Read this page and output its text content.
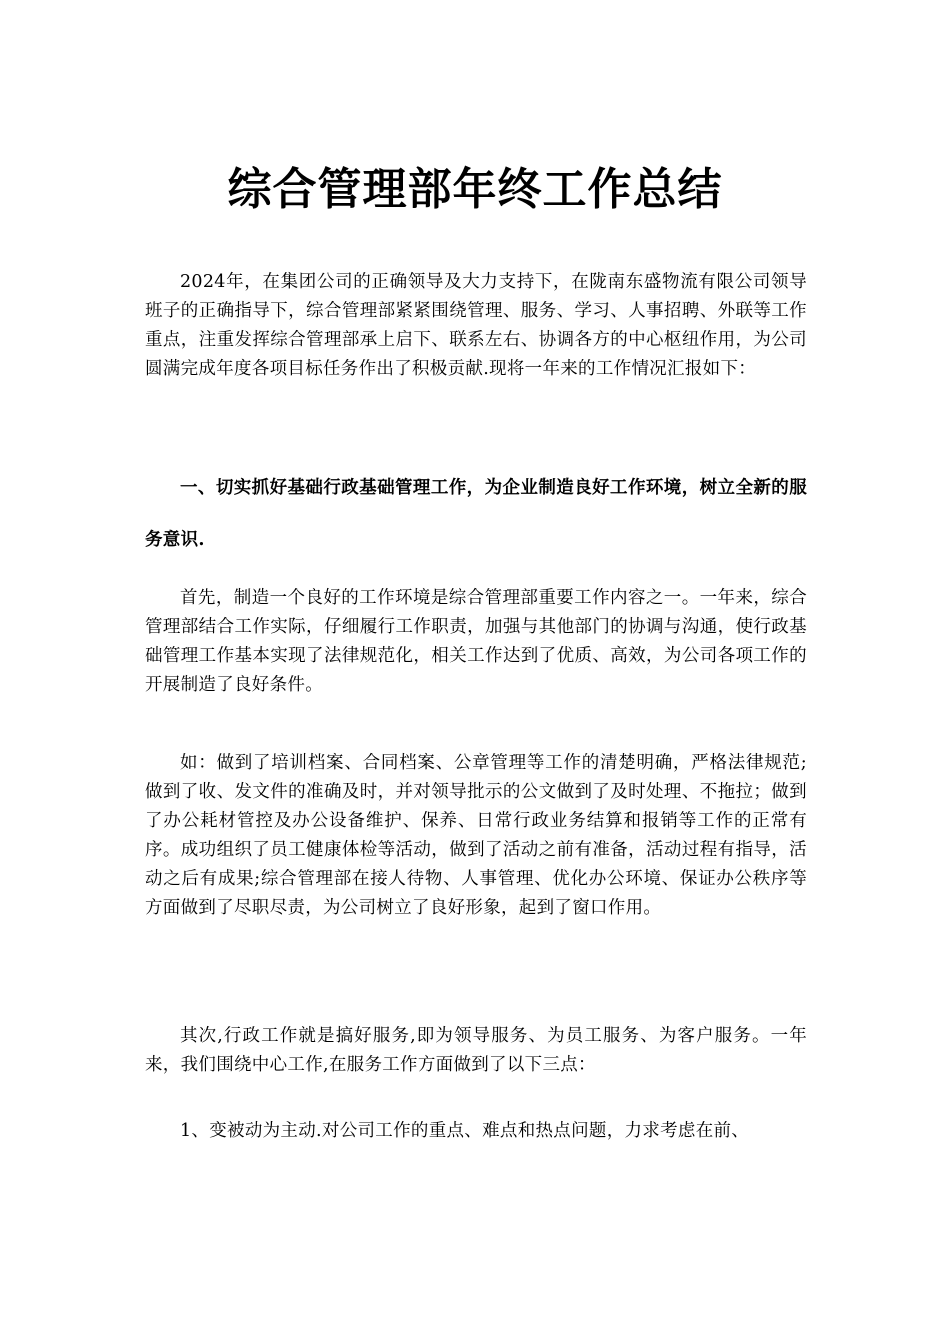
综合管理部年终工作总结

2024年，在集团公司的正确领导及大力支持下，在陇南东盛物流有限公司领导班子的正确指导下，综合管理部紧紧围绕管理、服务、学习、人事招聘、外联等工作重点，注重发挥综合管理部承上启下、联系左右、协调各方的中心枢纽作用，为公司圆满完成年度各项目标任务作出了积极贡献.现将一年来的工作情况汇报如下：

一、切实抓好基础行政基础管理工作，为企业制造良好工作环境，树立全新的服务意识.

首先，制造一个良好的工作环境是综合管理部重要工作内容之一。一年来，综合管理部结合工作实际，仔细履行工作职责，加强与其他部门的协调与沟通，使行政基础管理工作基本实现了法律规范化，相关工作达到了优质、高效，为公司各项工作的开展制造了良好条件。

如：做到了培训档案、合同档案、公章管理等工作的清楚明确，严格法律规范;做到了收、发文件的准确及时，并对领导批示的公文做到了及时处理、不拖拉；做到了办公耗材管控及办公设备维护、保养、日常行政业务结算和报销等工作的正常有序。成功组织了员工健康体检等活动，做到了活动之前有准备，活动过程有指导，活动之后有成果;综合管理部在接人待物、人事管理、优化办公环境、保证办公秩序等方面做到了尽职尽责，为公司树立了良好形象，起到了窗口作用。

其次,行政工作就是搞好服务,即为领导服务、为员工服务、为客户服务。一年来，我们围绕中心工作,在服务工作方面做到了以下三点：

1、变被动为主动.对公司工作的重点、难点和热点问题，力求考虑在前、
